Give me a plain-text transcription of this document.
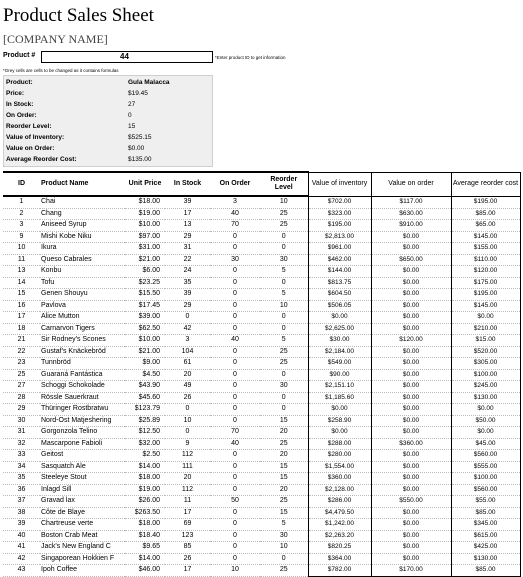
Product Sales Sheet
[COMPANY NAME]
Product #	44	*Enter product ID to get information
*Grey cells are cells to be changed as it contains formulas
Product:	Gula Malacca
Price:	$19.45
In Stock:	27
On Order:	0
Reorder Level:	15
Value of Inventory:	$525.15
Value on Order:	$0.00
Average Reorder Cost:	$135.00
ID	Product Name	Unit Price	In Stock	On Order	Reorder Level	Value of inventory	Value on order	Average reorder cost
1	Chai	$18.00	39	3	10	$702.00	$117.00	$195.00
2	Chang	$19.00	17	40	25	$323.00	$630.00	$85.00
3	Aniseed Syrup	$10.00	13	70	25	$195.00	$910.00	$65.00
9	Mishi Kobe Niku	$97.00	29	0	0	$2,813.00	$0.00	$145.00
10	Ikura	$31.00	31	0	0	$961.00	$0.00	$155.00
11	Queso Cabrales	$21.00	22	30	30	$462.00	$650.00	$110.00
13	Konbu	$6.00	24	0	5	$144.00	$0.00	$120.00
14	Tofu	$23.25	35	0	0	$813.75	$0.00	$175.00
15	Genen Shouyu	$15.50	39	0	5	$604.50	$0.00	$195.00
16	Pavlova	$17.45	29	0	10	$506.05	$0.00	$145.00
17	Alice Mutton	$39.00	0	0	0	$0.00	$0.00	$0.00
18	Carnarvon Tigers	$62.50	42	0	0	$2,625.00	$0.00	$210.00
21	Sir Rodney's Scones	$10.00	3	40	5	$30.00	$120.00	$15.00
22	Gustaf's Knäckebröd	$21.00	104	0	25	$2,184.00	$0.00	$520.00
23	Tunnbröd	$9.00	61	0	25	$549.00	$0.00	$305.00
25	Guaraná Fantástica	$4.50	20	0	0	$90.00	$0.00	$100.00
27	Schoggi Schokolade	$43.90	49	0	30	$2,151.10	$0.00	$245.00
28	Rössle Sauerkraut	$45.60	26	0	0	$1,185.60	$0.00	$130.00
29	Thüringer Rostbratwu	$123.79	0	0	0	$0.00	$0.00	$0.00
30	Nord-Ost Matjeshering	$25.89	10	0	15	$258.90	$0.00	$50.00
31	Gorgonzola Telino	$12.50	0	70	20	$0.00	$0.00	$0.00
32	Mascarpone Fabioli	$32.00	9	40	25	$288.00	$360.00	$45.00
33	Geitost	$2.50	112	0	20	$280.00	$0.00	$560.00
34	Sasquatch Ale	$14.00	111	0	15	$1,554.00	$0.00	$555.00
35	Steeleye Stout	$18.00	20	0	15	$360.00	$0.00	$100.00
36	Inlagd Sill	$19.00	112	0	20	$2,128.00	$0.00	$560.00
37	Gravad lax	$26.00	11	50	25	$286.00	$550.00	$55.00
38	Côte de Blaye	$263.50	17	0	15	$4,479.50	$0.00	$85.00
39	Chartreuse verte	$18.00	69	0	5	$1,242.00	$0.00	$345.00
40	Boston Crab Meat	$18.40	123	0	30	$2,263.20	$0.00	$615.00
41	Jack's New England C	$9.65	85	0	10	$820.25	$0.00	$425.00
42	Singaporean Hokkien F	$14.00	26	0	0	$364.00	$0.00	$130.00
43	Ipoh Coffee	$46.00	17	10	25	$782.00	$170.00	$85.00
